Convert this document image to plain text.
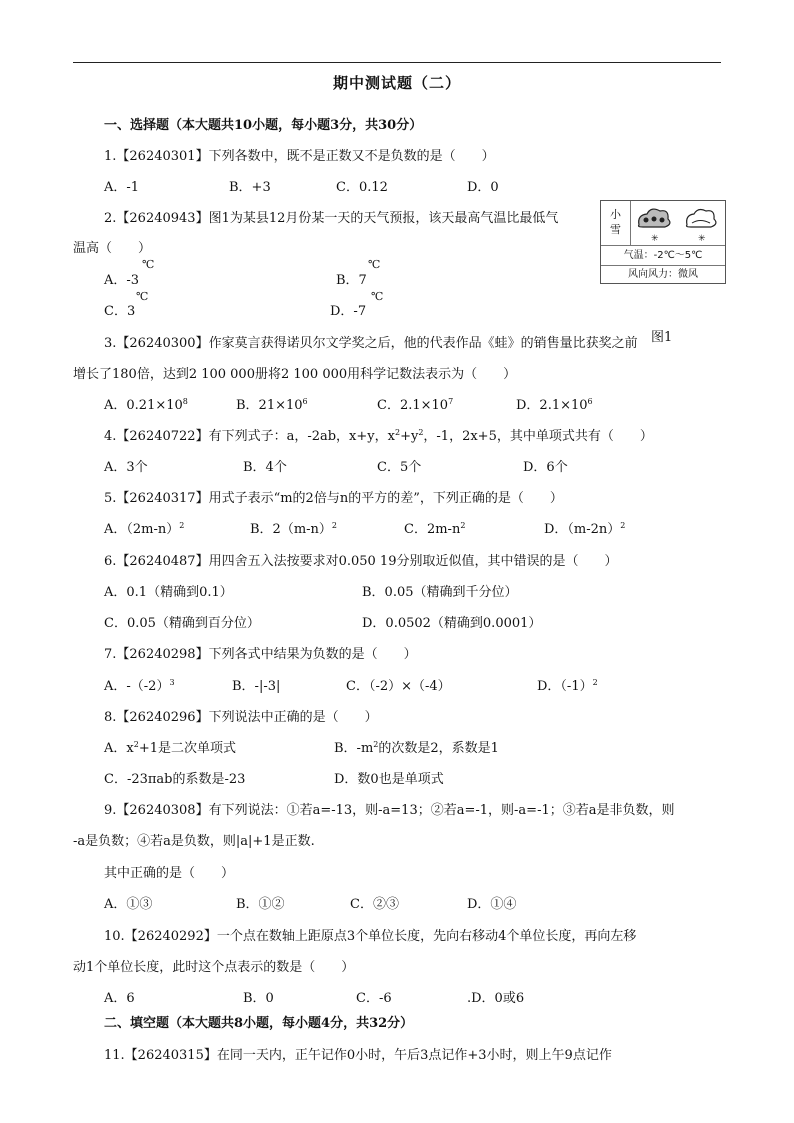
期中测试题（二）
一、选择题（本大题共10小题，每小题3分，共30分）
1.【26240301】下列各数中，既不是正数又不是负数的是（　　）
A．-1	B．+3	C．0.12	D．0
2.【26240943】图1为某县12月份某一天的天气预报，该天最高气温比最低气
温高（　　）
A．-3
℃
B．7
℃
C．3
℃
D．-7
℃
小
雪
✳	✳
气温：-2℃～5℃
风向风力：微风
图1
3.【26240300】作家莫言获得诺贝尔文学奖之后，他的代表作品《蛙》的销售量比获奖之前
增长了180倍，达到2 100 000册将2 100 000用科学记数法表示为（　　）
A．$0.21\times 10^8$	B．$21\times 10^6$	C．$2.1\times 10^7$	D．$2.1\times 10^6$
4.【26240722】有下列式子：a，-2ab，x+y，$x^2+y^2$，-1，2x+5，其中单项式共有（　　）
A．3个	B．4个	C．5个	D．6个
5.【26240317】用式子表示“m的2倍与n的平方的差”，下列正确的是（　　）
A．$(2m-n)^2$	B．$2(m-n)^2$	C．$2m-n^2$	D．$(m-2n)^2$
6.【26240487】用四舍五入法按要求对0.050 19分别取近似值，其中错误的是（　　）
A．0.1（精确到0.1）	B．0.05（精确到千分位）
C．0.05（精确到百分位）	D．0.0502（精确到0.0001）
7.【26240298】下列各式中结果为负数的是（　　）
A．$-(-2)^3$	B．-|-3|	C．（-2）×（-4）	D．$(-1)^2$
8.【26240296】下列说法中正确的是（　　）
A．$x^2+1$是二次单项式	B．$-m^2$的次数是2，系数是1
C．-23πab的系数是-23	D．数0也是单项式
9.【26240308】有下列说法：①若a=-13，则-a=13；②若a=-1，则-a=-1；③若a是非负数，则
-a是负数；④若a是负数，则|a|+1是正数.
其中正确的是（　　）
A．①③	B．①②	C．②③	D．①④
10.【26240292】一个点在数轴上距原点3个单位长度，先向右移动4个单位长度，再向左移
动1个单位长度，此时这个点表示的数是（　　）
A．6	B．0	C．-6	.D．0或6
二、填空题（本大题共8小题，每小题4分，共32分）
11.【26240315】在同一天内，正午记作0小时，午后3点记作+3小时，则上午9点记作
